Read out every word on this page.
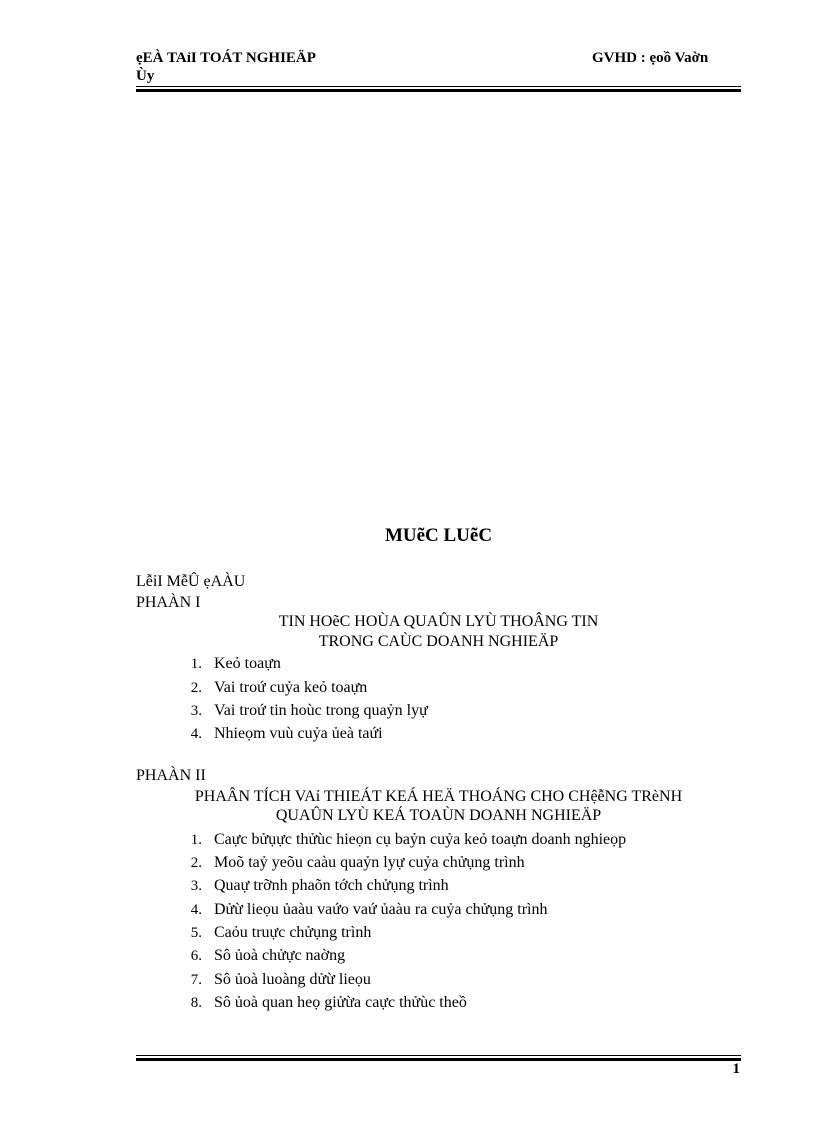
ẹEÀ TAỉI TOÁT NGHIEÄP
Ùy
GVHD : ẹoồ Vaờn
MUẽC LUẽC
LễỉI MễÛ ẹAÀU
PHAÀN I
TIN HOẽC HOÙA QUAÛN LYÙ THOÂNG TIN
TRONG CAÙC DOANH NGHIEÄP
1. Keỏ toaựn
2. Vai troứ cuỷa keỏ toaựn
3. Vai troứ tin hoùc trong quaỷn lyự
4. Nhieọm vuù cuỷa ủeà taứi
PHAÀN II
PHAÂN TÍCH VAỉ THIEÁT KEÁ HEÄ THOÁNG CHO CHệễNG TRèNH
QUAÛN LYÙ KEÁ TOAÙN DOANH NGHIEÄP
1. Caực bửụực thửùc hieọn cụ baỷn cuỷa keỏ toaựn doanh nghieọp
2. Moõ taỷ yeõu caàu quaỷn lyự cuỷa chửụng trình
3. Quaự trỡnh phaõn tớch chửụng trình
4. Dửừ lieọu ủaàu vaứo vaứ ủaàu ra cuỷa chửụng trình
5. Caỏu truực chửụng trình
6. Sô ủoà chửực naờng
7. Sô ủoà luoàng dửừ lieọu
8. Sô ủoà quan heọ giửừa caực thửùc theồ
1
